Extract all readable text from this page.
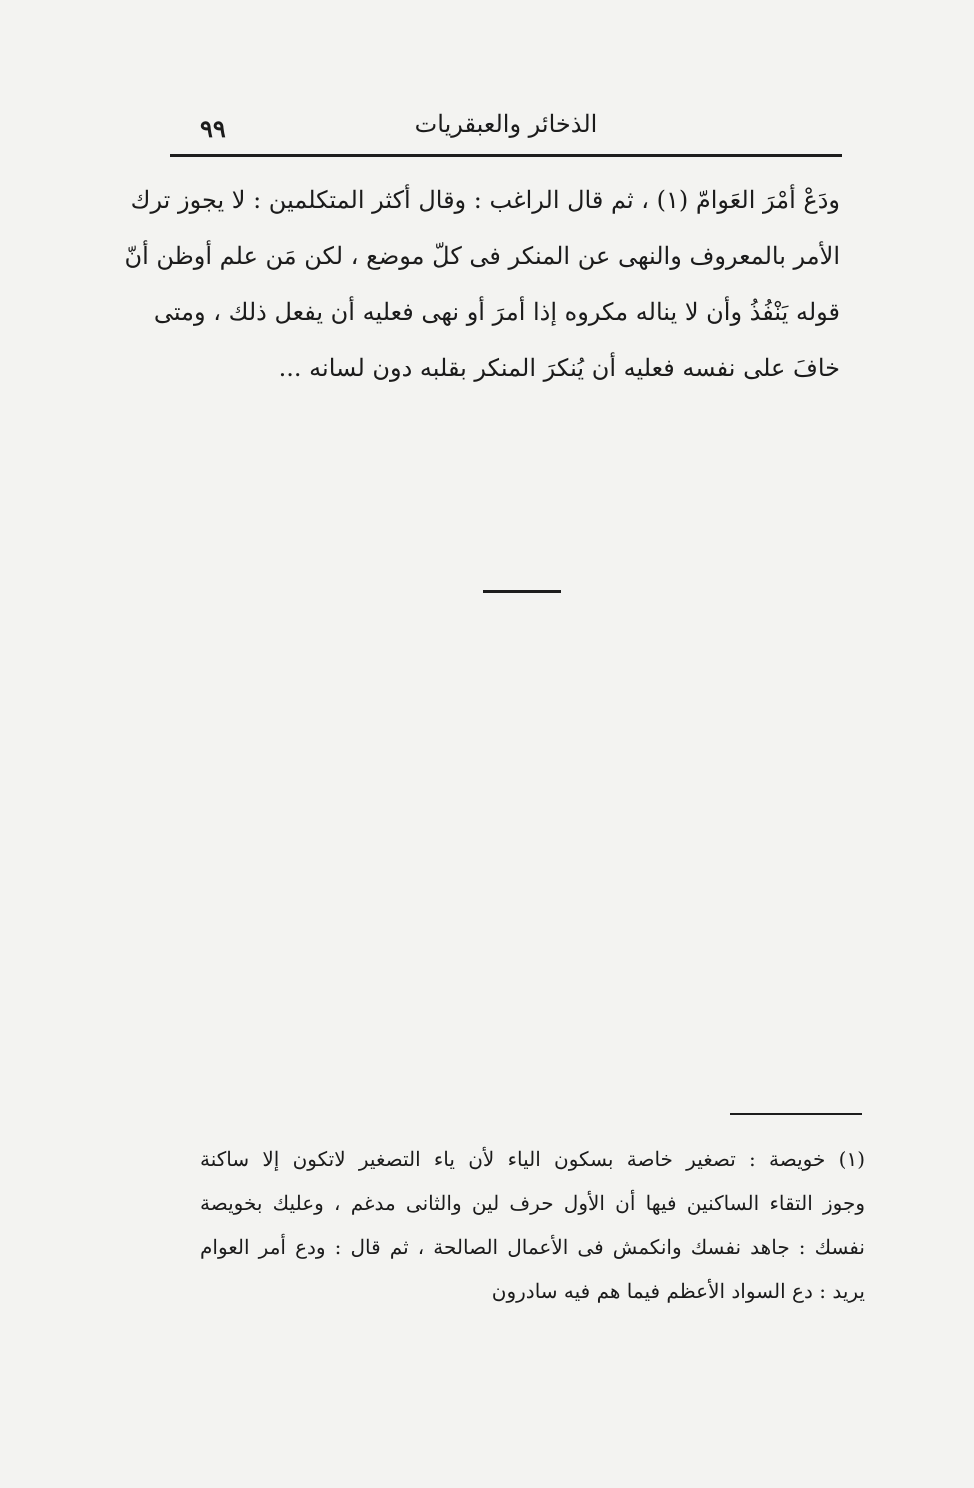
الذخائر والعبقريات
٩٩
ودَعْ أمْرَ العَوامّ (١) ، ثم قال الراغب : وقال أكثر المتكلمين : لا يجوز ترك
الأمر بالمعروف والنهى عن المنكر فى كلّ موضع ، لكن مَن علم أوظن أنّ
قوله يَنْفُذُ وأن لا يناله مكروه إذا أمرَ أو نهى فعليه أن يفعل ذلك ، ومتى
خافَ على نفسه فعليه أن يُنكرَ المنكر بقلبه دون لسانه ...
(١) خويصة : تصغير خاصة بسكون الياء لأن ياء التصغير لاتكون إلا ساكنة
وجوز التقاء الساكنين فيها أن الأول حرف لين والثانى مدغم ، وعليك بخويصة
نفسك : جاهد نفسك وانكمش فى الأعمال الصالحة ، ثم قال : ودع أمر العوام
يريد : دع السواد الأعظم فيما هم فيه سادرون
